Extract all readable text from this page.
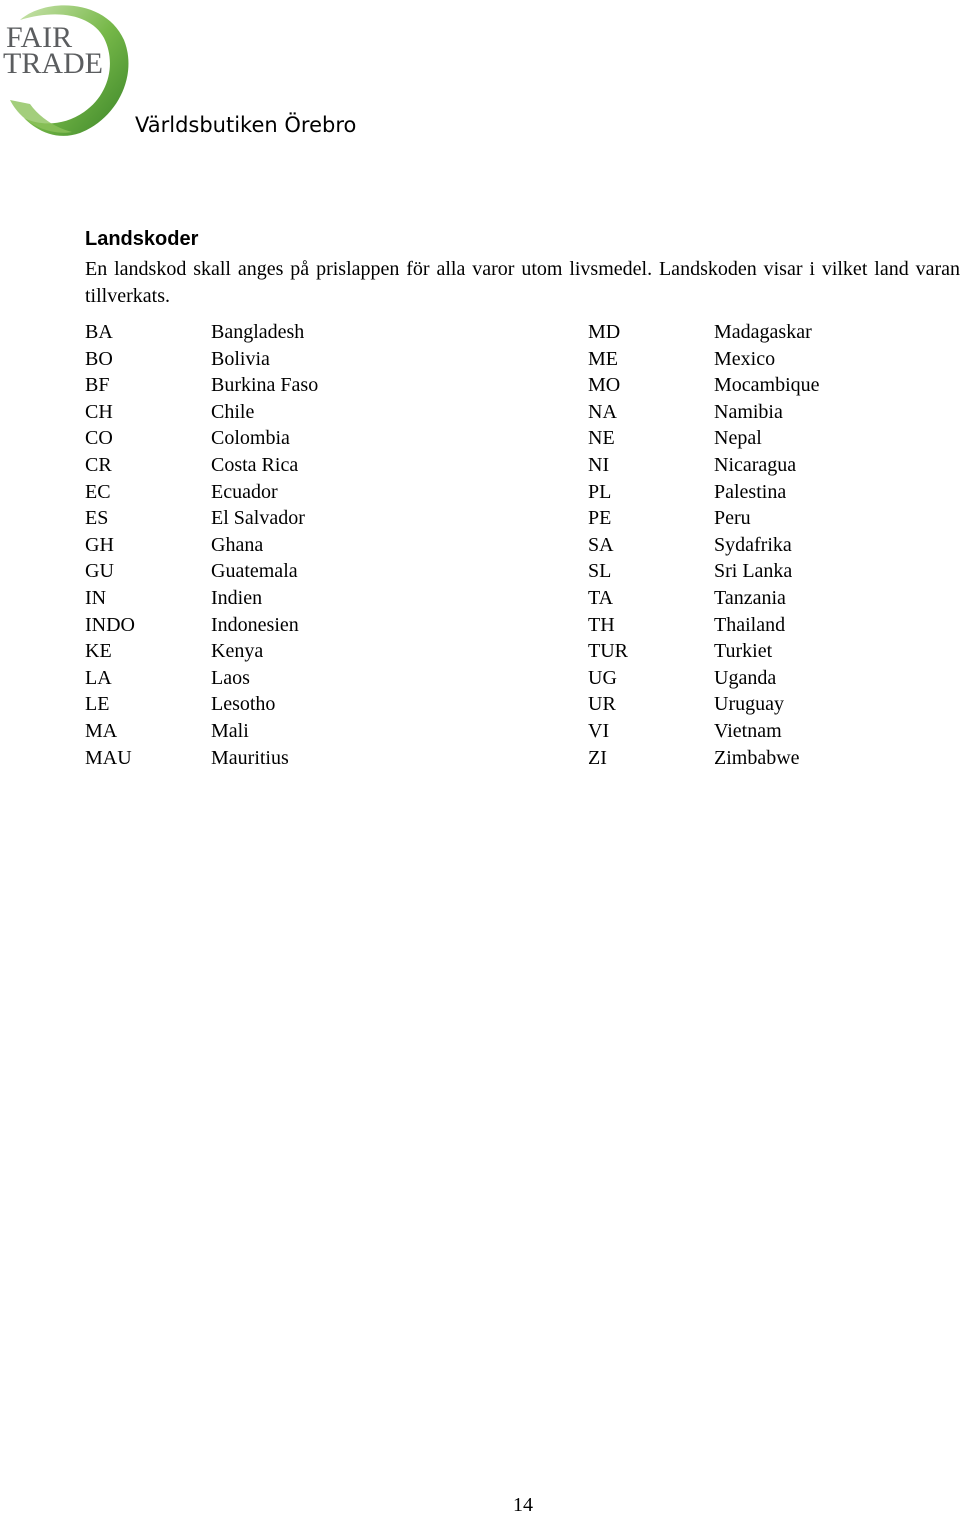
FAIR
TRADE
Världsbutiken Örebro
Landskoder
En landskod skall anges på prislappen för alla varor utom livsmedel. Landskoden visar i vilket land varan tillverkats.
BA	Bangladesh
BO	Bolivia
BF	Burkina Faso
CH	Chile
CO	Colombia
CR	Costa Rica
EC	Ecuador
ES	El Salvador
GH	Ghana
GU	Guatemala
IN	Indien
INDO	Indonesien
KE	Kenya
LA	Laos
LE	Lesotho
MA	Mali
MAU	Mauritius
MD	Madagaskar
ME	Mexico
MO	Mocambique
NA	Namibia
NE	Nepal
NI	Nicaragua
PL	Palestina
PE	Peru
SA	Sydafrika
SL	Sri Lanka
TA	Tanzania
TH	Thailand
TUR	Turkiet
UG	Uganda
UR	Uruguay
VI	Vietnam
ZI	Zimbabwe
14
